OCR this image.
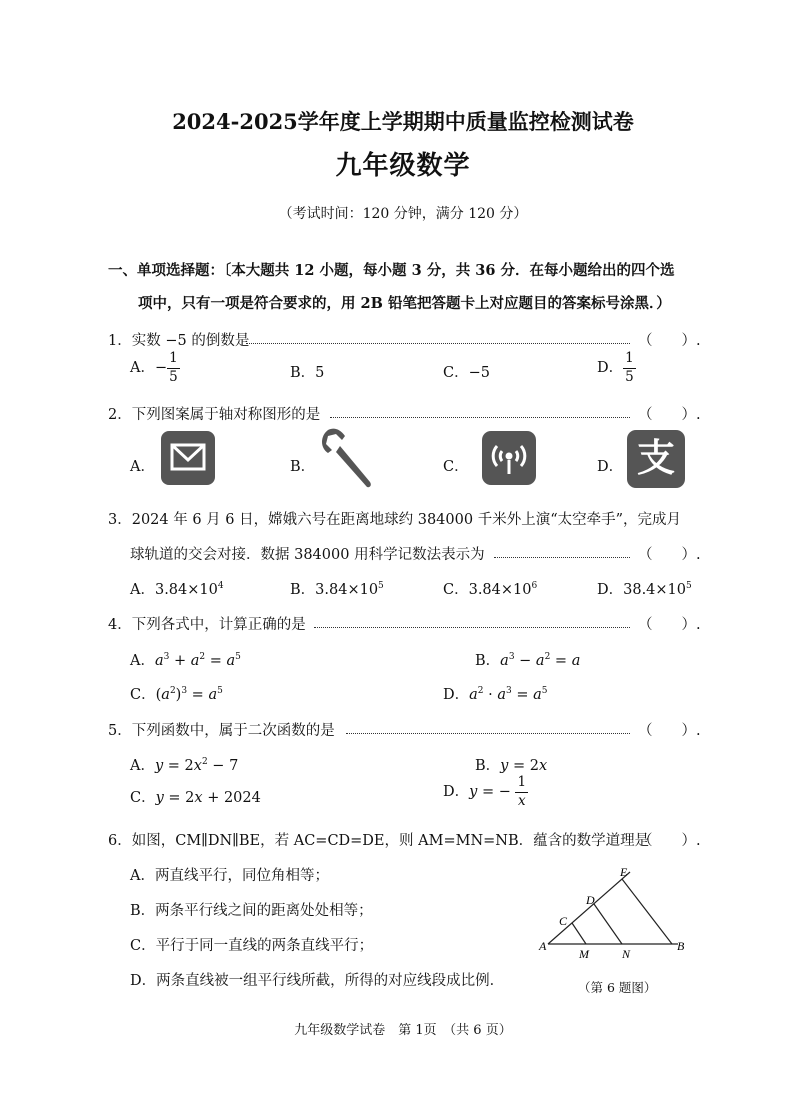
2024-2025学年度上学期期中质量监控检测试卷
九年级数学
（考试时间：120 分钟，满分 120 分）
一、单项选择题：〔本大题共 12 小题，每小题 3 分，共 36 分．在每小题给出的四个选
项中，只有一项是符合要求的，用 2B 铅笔把答题卡上对应题目的答案标号涂黑．）
1．实数 −5 的倒数是	（　　）.
A．− $\frac{1}{5}$	B．5	C．−5	D． $\frac{1}{5}$
2．下列图案属于轴对称图形的是	（　　）.
A．	B．	C．	D． 支
3．2024 年 6 月 6 日，嫦娥六号在距离地球约 384000 千米外上演“太空牵手”，完成月
球轨道的交会对接．数据 384000 用科学记数法表示为	（　　）.
A．$3.84\times 10^4$	B．$3.84\times 10^5$	C．$3.84\times 10^6$	D．$38.4\times 10^5$
4．下列各式中，计算正确的是	（　　）.
A．$a^3 + a^2 = a^5$	B．$a^3 - a^2 = a$
C．$(a^2)^3 = a^5$	D．$a^2 \cdot a^3 = a^5$
5．下列函数中，属于二次函数的是	（　　）.
A．$y = 2x^2 - 7$	B．y = 2x
C．y = 2x + 2024	D．y = − $\frac{1}{x}$
6．如图，CM∥DN∥BE，若 AC=CD=DE，则 AM=MN=NB．蕴含的数学道理是
（　　）.
A．两直线平行，同位角相等；
B．两条平行线之间的距离处处相等；
C．平行于同一直线的两条直线平行；
D．两条直线被一组平行线所截，所得的对应线段成比例．
A	B
C
D
E
M	N
（第 6 题图）
九年级数学试卷　第 1页　（共 6 页）
